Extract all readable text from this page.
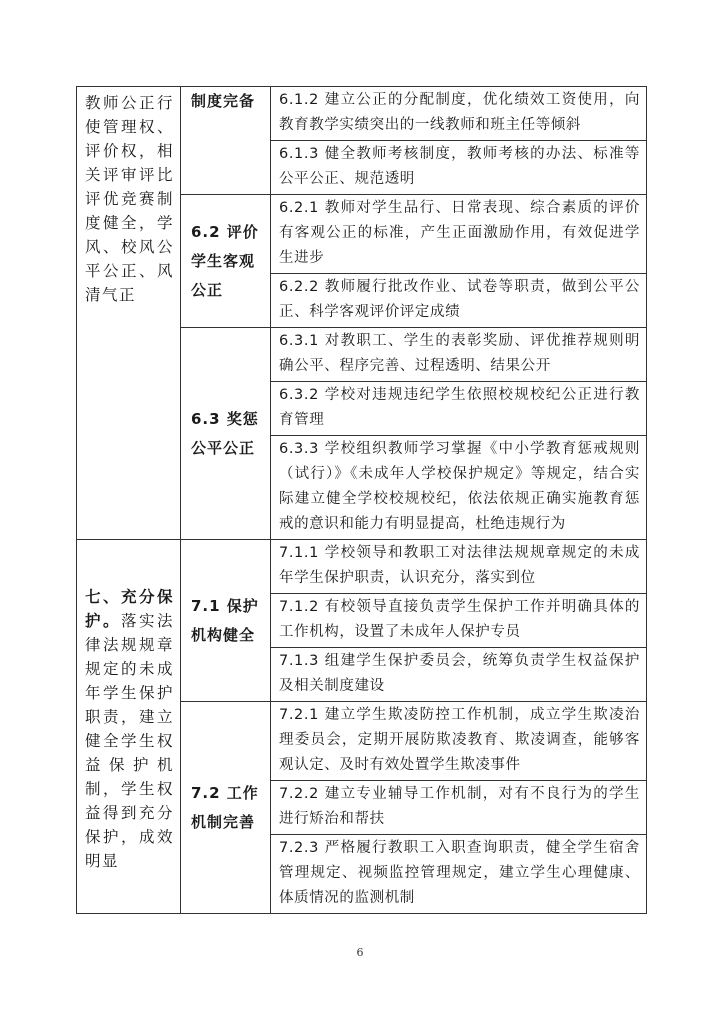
教师公正行使管理权、评价权，相关评审评比评优竞赛制度健全，学风、校风公平公正、风清气正	制度完备	6.1.2 建立公正的分配制度，优化绩效工资使用，向教育教学实绩突出的一线教师和班主任等倾斜
		6.1.3 健全教师考核制度，教师考核的办法、标准等公平公正、规范透明
	6.2 评价学生客观公正	6.2.1 教师对学生品行、日常表现、综合素质的评价有客观公正的标准，产生正面激励作用，有效促进学生进步
		6.2.2 教师履行批改作业、试卷等职责，做到公平公正、科学客观评价评定成绩
	6.3 奖惩公平公正	6.3.1 对教职工、学生的表彰奖励、评优推荐规则明确公平、程序完善、过程透明、结果公开
		6.3.2 学校对违规违纪学生依照校规校纪公正进行教育管理
		6.3.3 学校组织教师学习掌握《中小学教育惩戒规则（试行）》《未成年人学校保护规定》等规定，结合实际建立健全学校校规校纪，依法依规正确实施教育惩戒的意识和能力有明显提高，杜绝违规行为
七、充分保护。落实法律法规规章规定的未成年学生保护职责，建立健全学生权益保护机制，学生权益得到充分保护，成效明显	7.1 保护机构健全	7.1.1 学校领导和教职工对法律法规规章规定的未成年学生保护职责，认识充分，落实到位
		7.1.2 有校领导直接负责学生保护工作并明确具体的工作机构，设置了未成年人保护专员
		7.1.3 组建学生保护委员会，统筹负责学生权益保护及相关制度建设
	7.2 工作机制完善	7.2.1 建立学生欺凌防控工作机制，成立学生欺凌治理委员会，定期开展防欺凌教育、欺凌调查，能够客观认定、及时有效处置学生欺凌事件
		7.2.2 建立专业辅导工作机制，对有不良行为的学生进行矫治和帮扶
		7.2.3 严格履行教职工入职查询职责，健全学生宿舍管理规定、视频监控管理规定，建立学生心理健康、体质情况的监测机制
6
